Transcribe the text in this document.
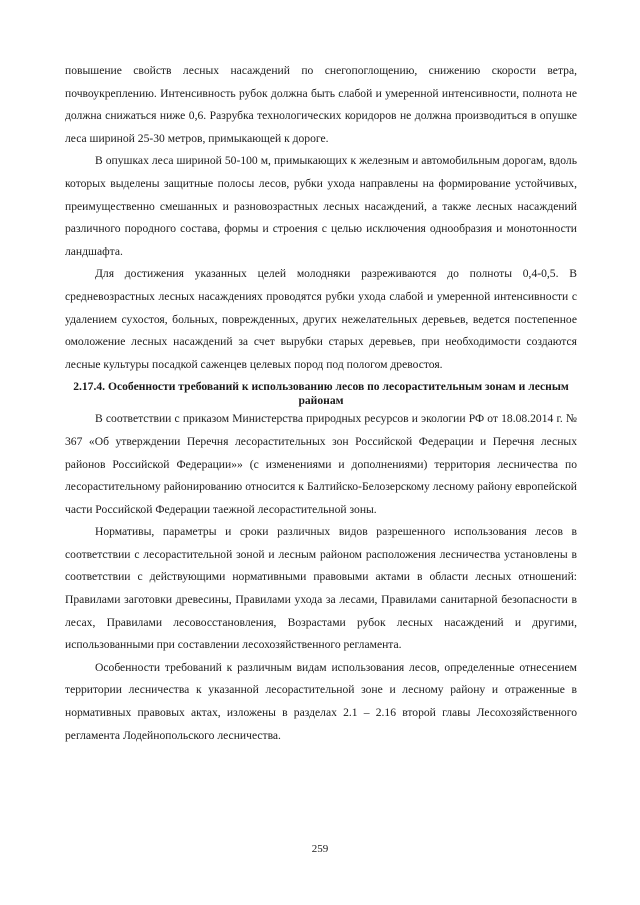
повышение свойств лесных насаждений по снегопоглощению, снижению скорости ветра, почвоукреплению. Интенсивность рубок должна быть слабой и умеренной интенсивности, полнота не должна снижаться ниже 0,6. Разрубка технологических коридоров не должна производиться в опушке леса шириной 25-30 метров, примыкающей к дороге.

В опушках леса шириной 50-100 м, примыкающих к железным и автомобильным дорогам, вдоль которых выделены защитные полосы лесов, рубки ухода направлены на формирование устойчивых, преимущественно смешанных и разновозрастных лесных насаждений, а также лесных насаждений различного породного состава, формы и строения с целью исключения однообразия и монотонности ландшафта.

Для достижения указанных целей молодняки разреживаются до полноты 0,4-0,5. В средневозрастных лесных насаждениях проводятся рубки ухода слабой и умеренной интенсивности с удалением сухостоя, больных, поврежденных, других нежелательных деревьев, ведется постепенное омоложение лесных насаждений за счет вырубки старых деревьев, при необходимости создаются лесные культуры посадкой саженцев целевых пород под пологом древостоя.

2.17.4. Особенности требований к использованию лесов по лесорастительным зонам и лесным районам

В соответствии с приказом Министерства природных ресурсов и экологии РФ от 18.08.2014 г. № 367 «Об утверждении Перечня лесорастительных зон Российской Федерации и Перечня лесных районов Российской Федерации»» (с изменениями и дополнениями) территория лесничества по лесорастительному районированию относится к Балтийско-Белозерскому лесному району европейской части Российской Федерации таежной лесорастительной зоны.

Нормативы, параметры и сроки различных видов разрешенного использования лесов в соответствии с лесорастительной зоной и лесным районом расположения лесничества установлены в соответствии с действующими нормативными правовыми актами в области лесных отношений: Правилами заготовки древесины, Правилами ухода за лесами, Правилами санитарной безопасности в лесах, Правилами лесовосстановления, Возрастами рубок лесных насаждений и другими, использованными при составлении лесохозяйственного регламента.

Особенности требований к различным видам использования лесов, определенные отнесением территории лесничества к указанной лесорастительной зоне и лесному району и отраженные в нормативных правовых актах, изложены в разделах 2.1 – 2.16 второй главы Лесохозяйственного регламента Лодейнопольского лесничества.

259
